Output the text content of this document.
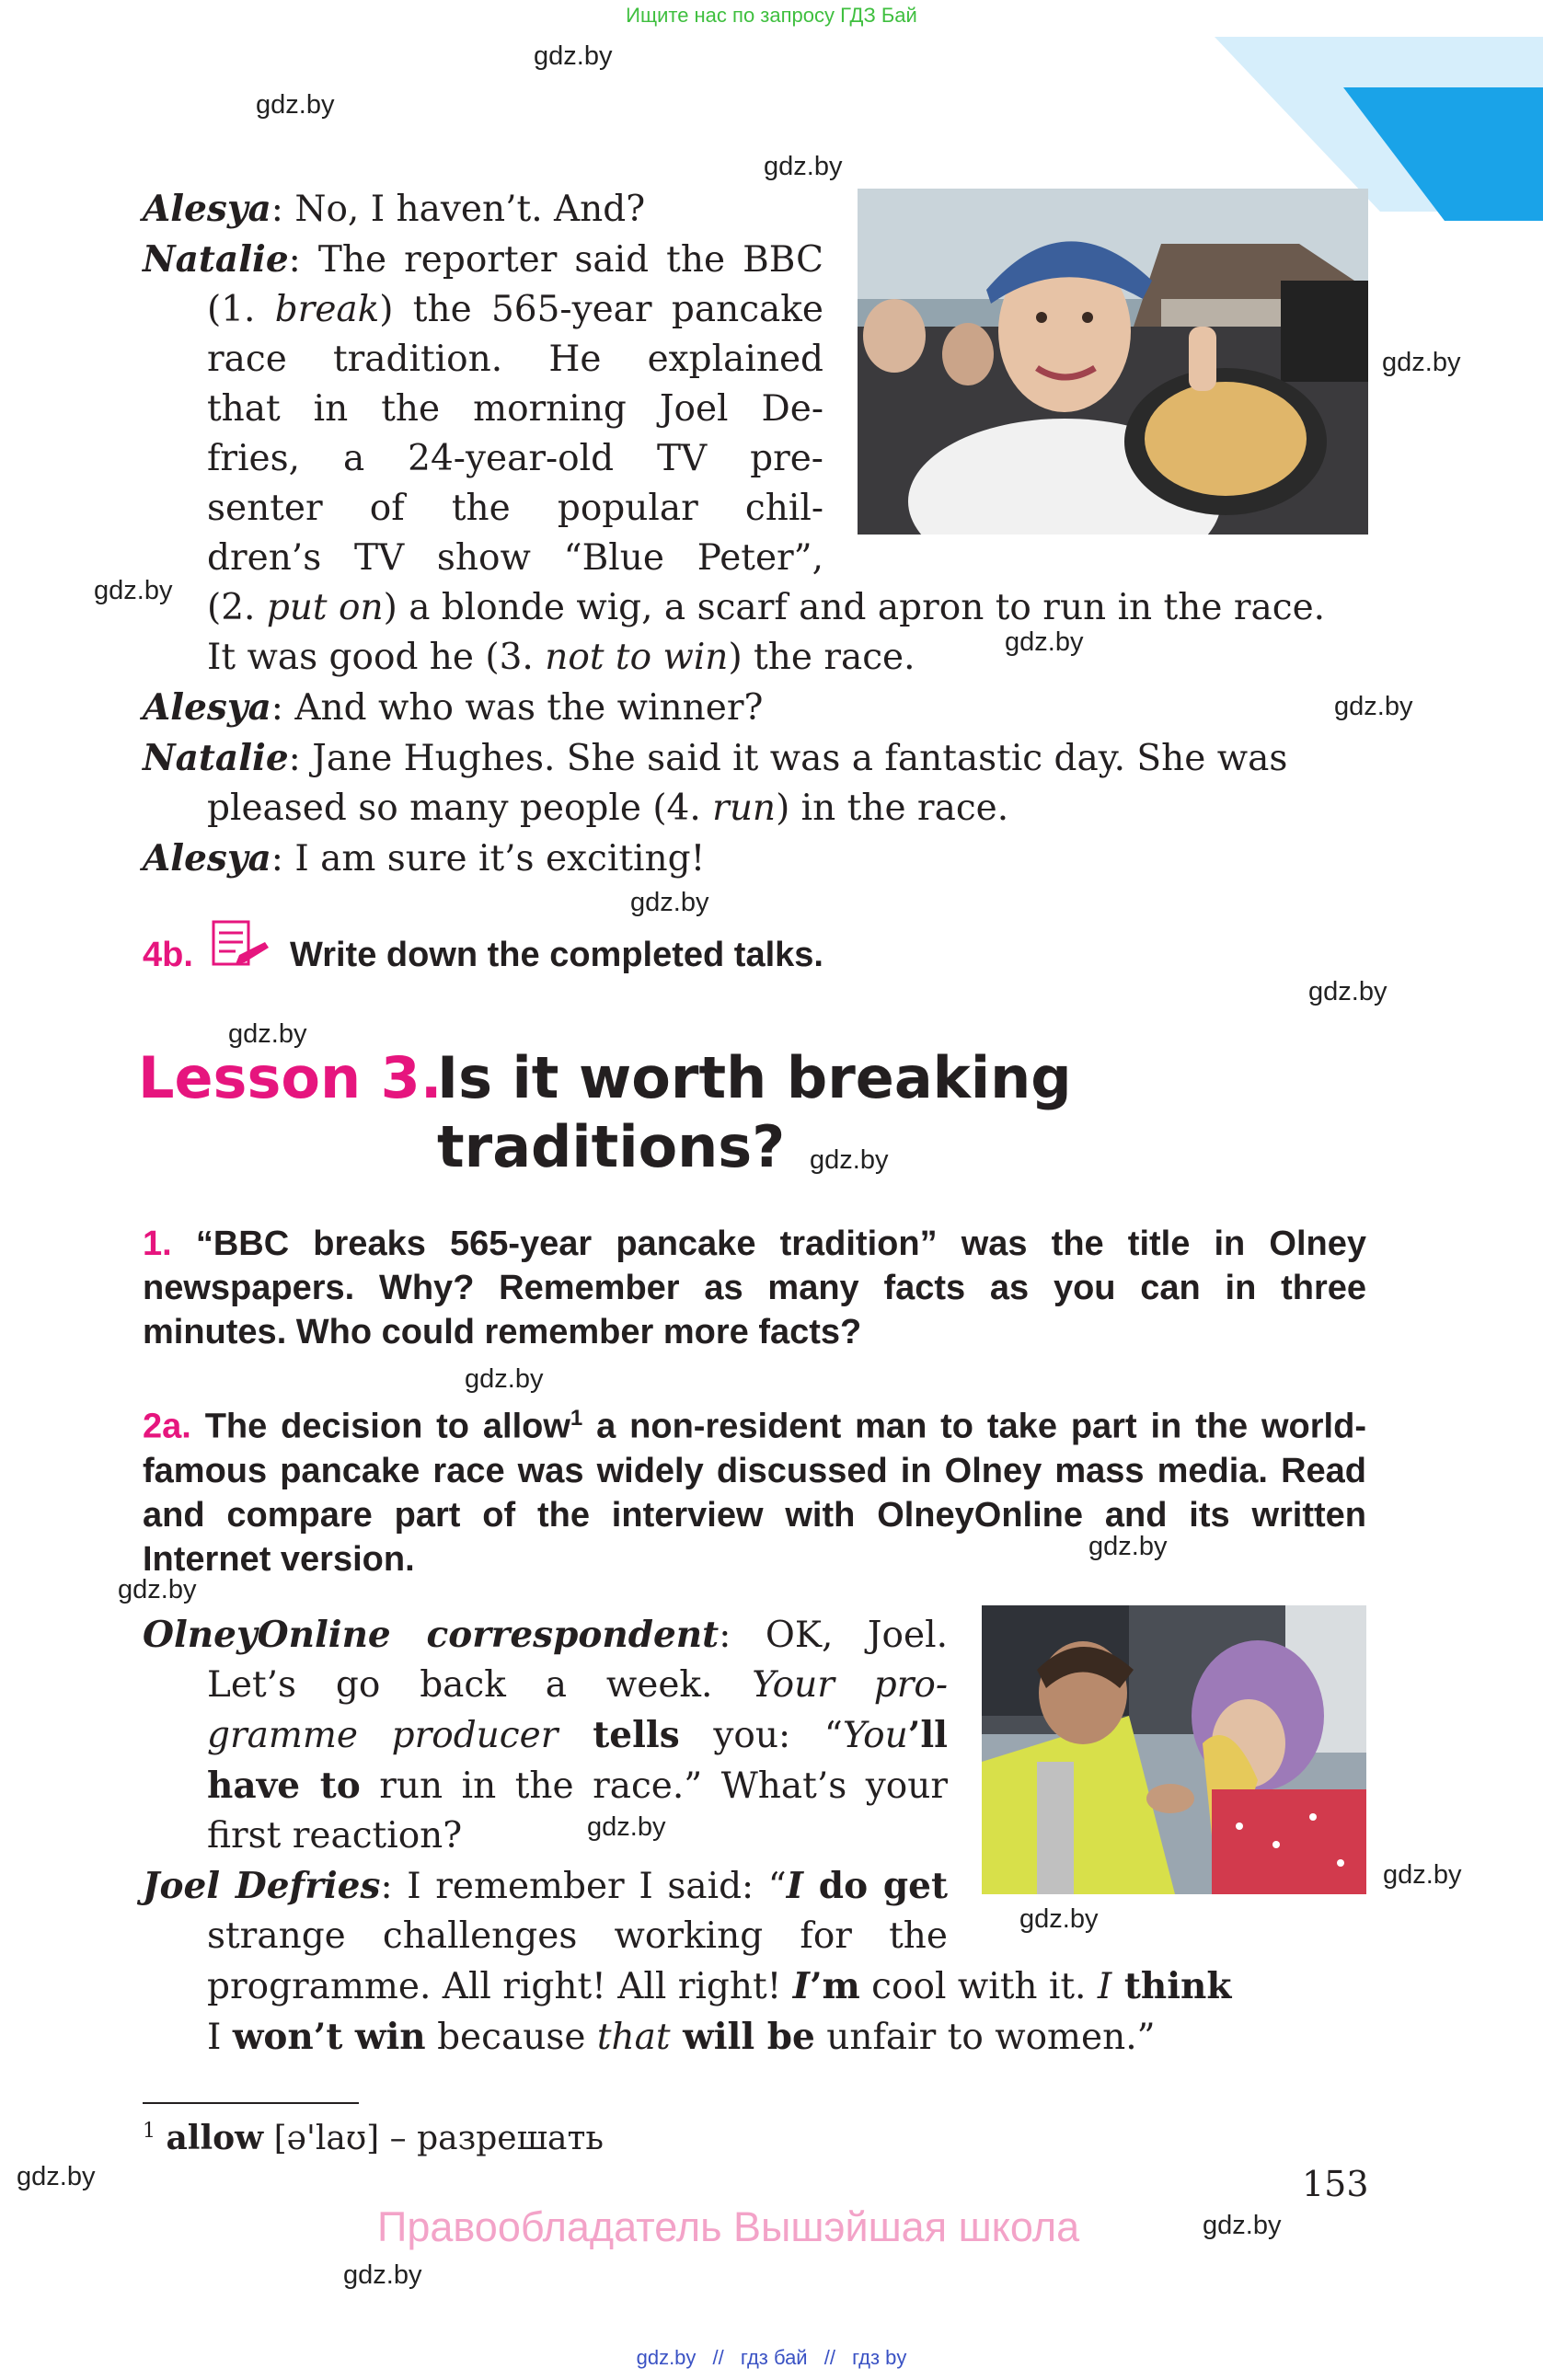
Ищите нас по запросу ГДЗ Бай
gdz.by
gdz.by
gdz.by
gdz.by
gdz.by
gdz.by
gdz.by
gdz.by
gdz.by
gdz.by
gdz.by
gdz.by
gdz.by
gdz.by
gdz.by
gdz.by
gdz.by
gdz.by
gdz.by
gdz.by
Alesya: No, I haven’t. And?
Natalie: The reporter said the BBC
(1. break) the 565-year pancake
race tradition. He explained
that in the morning Joel De-
fries, a 24-year-old TV pre-
senter of the popular chil-
dren’s TV show “Blue Peter”,
(2. put on) a blonde wig, a scarf and apron to run in the race.
It was good he (3. not to win) the race.
Alesya: And who was the winner?
Natalie: Jane Hughes. She said it was a fantastic day. She was
pleased so many people (4. run) in the race.
Alesya: I am sure it’s exciting!
4b.	Write down the completed talks.
Lesson 3.
Is it worth breaking
traditions?
1. “BBC breaks 565-year pancake tradition” was the title in Olney newspapers. Why? Remember as many facts as you can in three minutes. Who could remember more facts?
2a. The decision to allow$^1$ a non-resident man to take part in the world-famous pancake race was widely discussed in Olney mass media. Read and compare part of the interview with OlneyOnline and its written Internet version.
OlneyOnline correspondent: OK, Joel.
Let’s go back a week. Your pro-
gramme producer tells you: “You’ll
have to run in the race.” What’s your
first reaction?
Joel Defries: I remember I said: “I do get
strange challenges working for the
programme. All right! All right! I’m cool with it. I think
I won’t win because that will be unfair to women.”
$^1$ allow [ə'laʊ] – разрешать
153
Правообладатель Вышэйшая школа
gdz.by // гдз бай // гдз by
